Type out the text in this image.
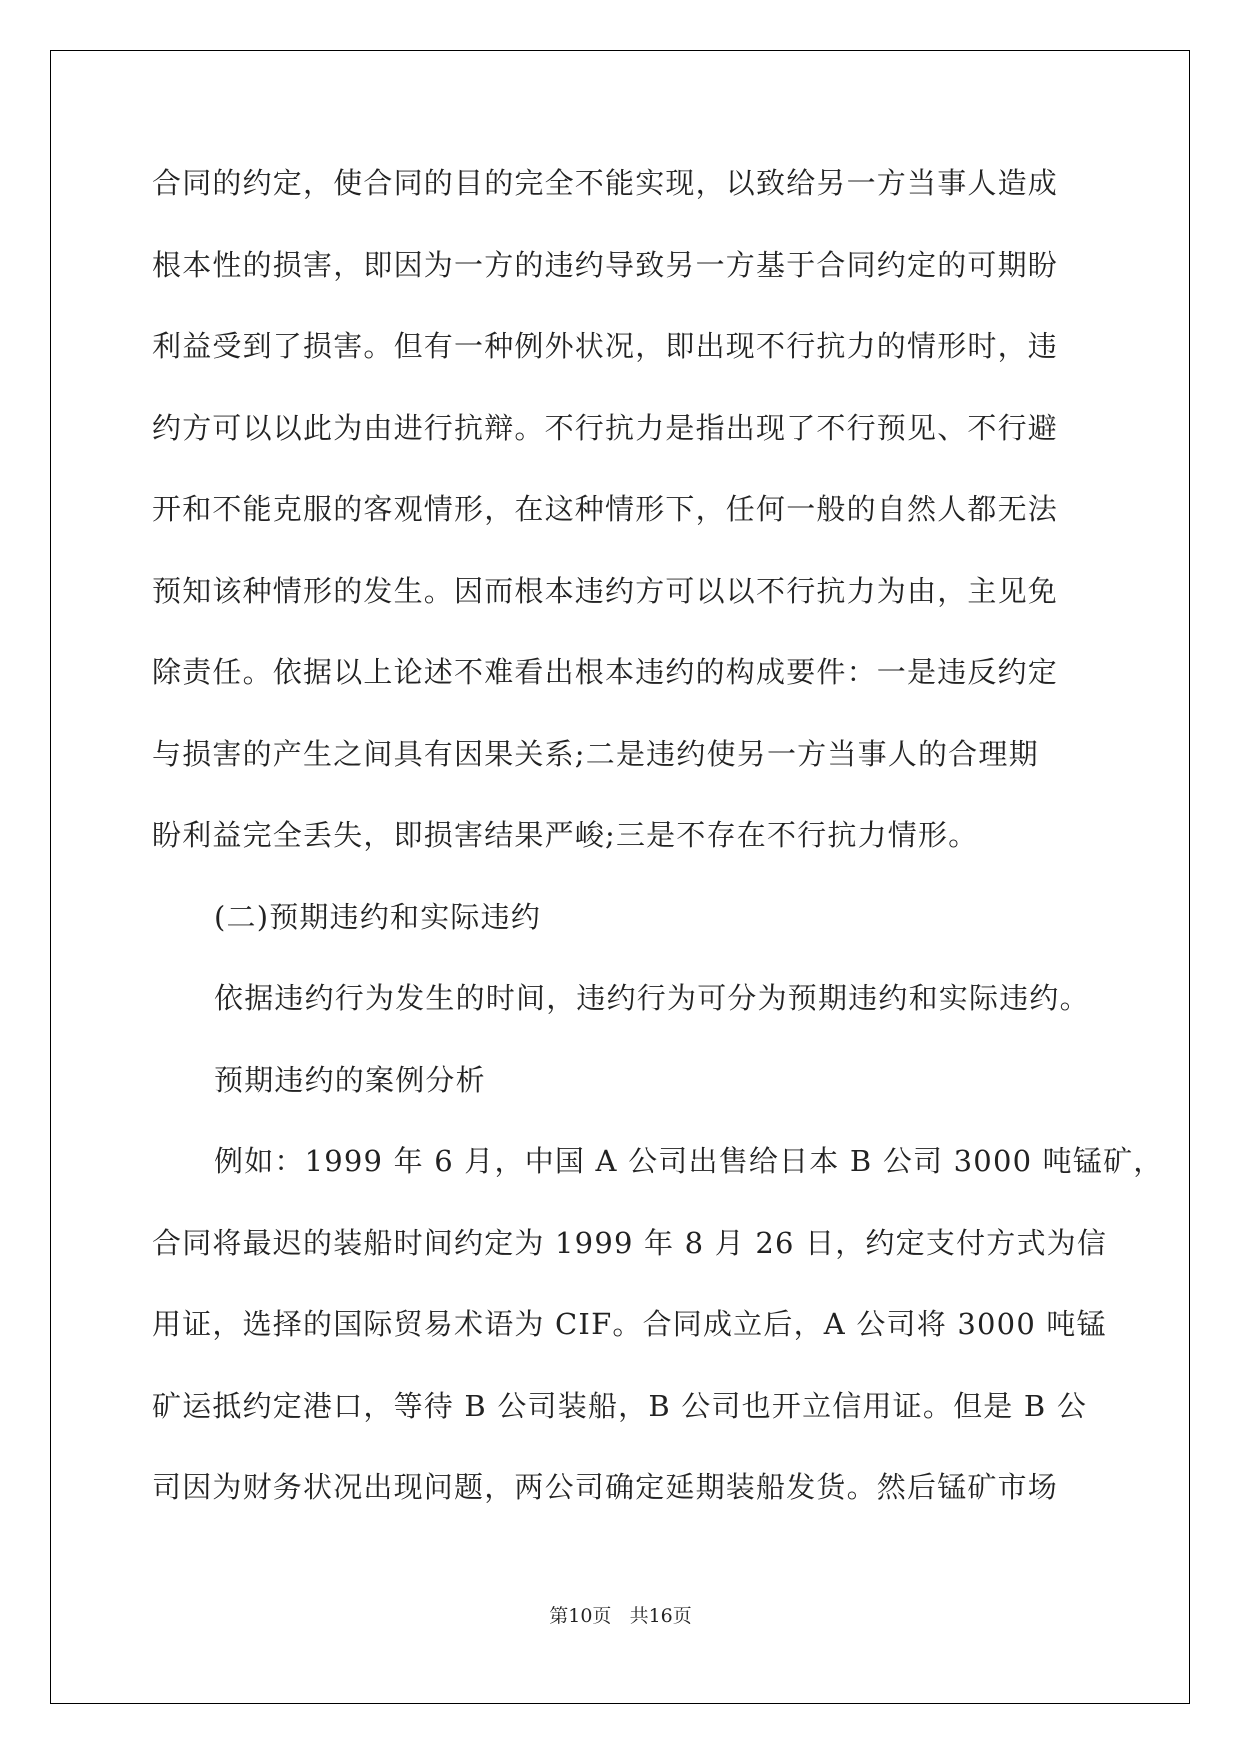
合同的约定，使合同的目的完全不能实现，以致给另一方当事人造成
根本性的损害，即因为一方的违约导致另一方基于合同约定的可期盼
利益受到了损害。但有一种例外状况，即出现不行抗力的情形时，违
约方可以以此为由进行抗辩。不行抗力是指出现了不行预见、不行避
开和不能克服的客观情形，在这种情形下，任何一般的自然人都无法
预知该种情形的发生。因而根本违约方可以以不行抗力为由，主见免
除责任。依据以上论述不难看出根本违约的构成要件：一是违反约定
与损害的产生之间具有因果关系;二是违约使另一方当事人的合理期
盼利益完全丢失，即损害结果严峻;三是不存在不行抗力情形。
(二)预期违约和实际违约
依据违约行为发生的时间，违约行为可分为预期违约和实际违约。
预期违约的案例分析
例如：1999 年 6 月，中国 A 公司出售给日本 B 公司 3000 吨锰矿，
合同将最迟的装船时间约定为 1999 年 8 月 26 日，约定支付方式为信
用证，选择的国际贸易术语为 CIF。合同成立后，A 公司将 3000 吨锰
矿运抵约定港口，等待 B 公司装船，B 公司也开立信用证。但是 B 公
司因为财务状况出现问题，两公司确定延期装船发货。然后锰矿市场
第10页 共16页
